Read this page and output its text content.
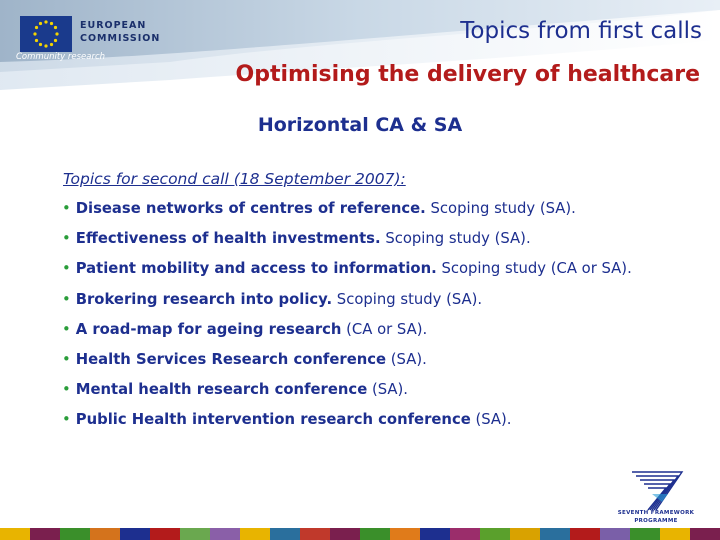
EUROPEAN
COMMISSION
Community research
Topics from first calls
Optimising the delivery of healthcare
Horizontal CA & SA
Topics for second call (18 September 2007):
• Disease networks of centres of reference. Scoping study (SA).
• Effectiveness of health investments. Scoping study (SA).
• Patient mobility and access to information. Scoping study (CA or SA).
• Brokering research into policy. Scoping study (SA).
• A road-map for ageing research (CA or SA).
• Health Services Research conference (SA).
• Mental health research conference (SA).
• Public Health intervention research conference (SA).
SEVENTH FRAMEWORK
PROGRAMME
